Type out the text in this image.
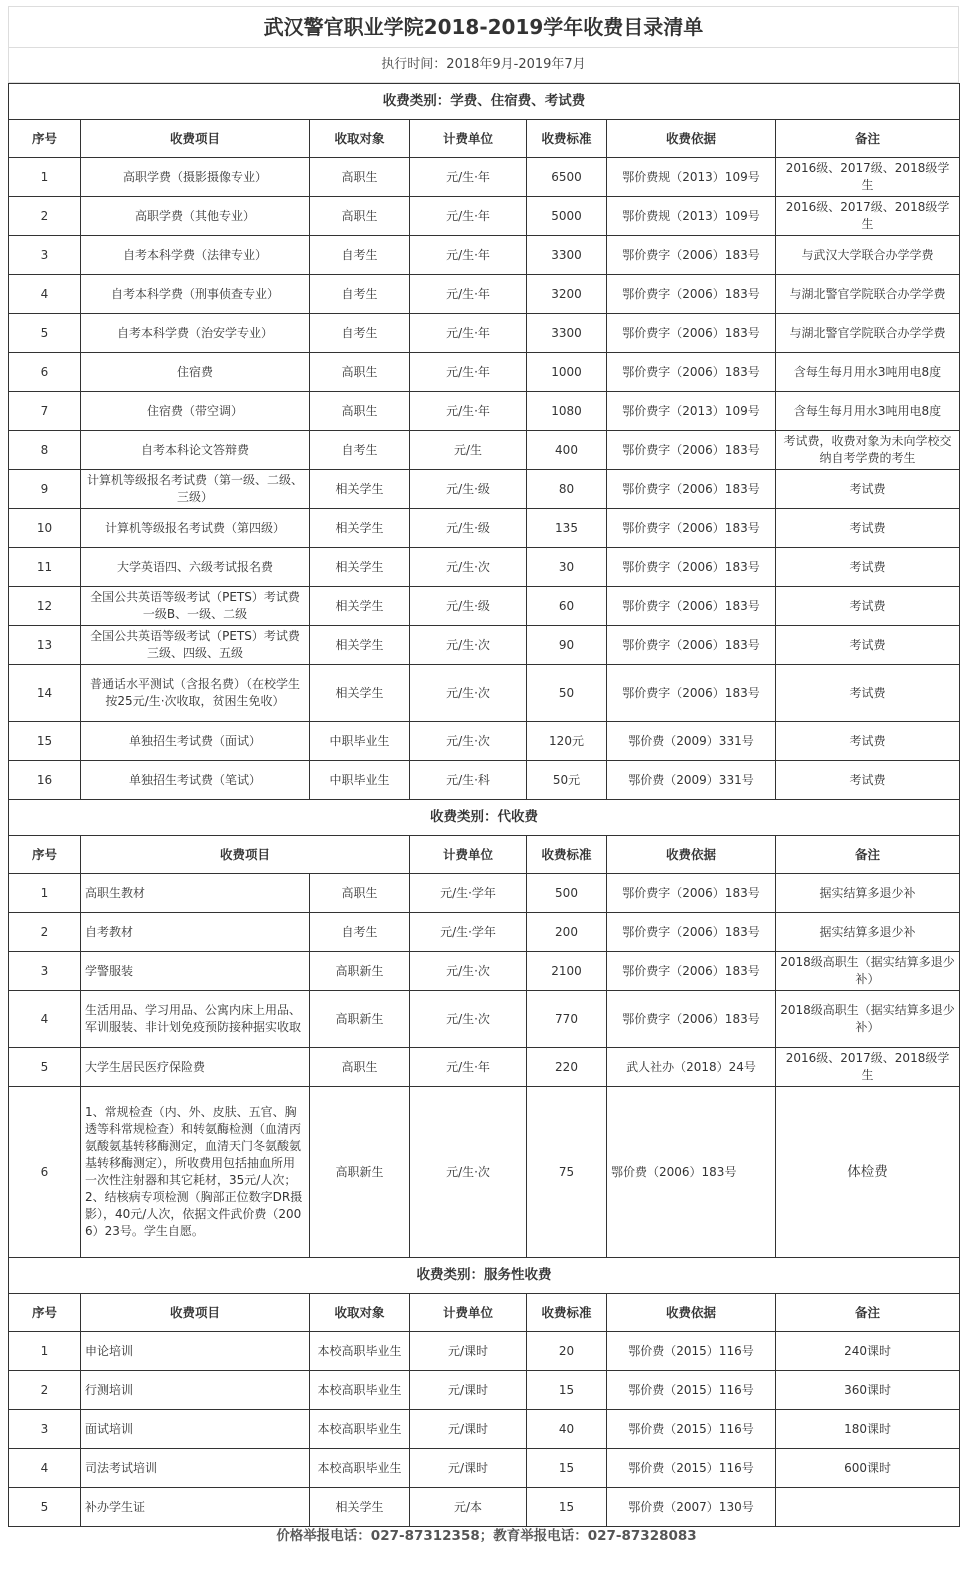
武汉警官职业学院2018-2019学年收费目录清单
执行时间：2018年9月-2019年7月
收费类别：学费、住宿费、考试费						
序号	收费项目	收取对象	计费单位	收费标准	收费依据	备注
1	高职学费（摄影摄像专业）	高职生	元/生·年	6500	鄂价费规（2013）109号	2016级、2017级、2018级学生
2	高职学费（其他专业）	高职生	元/生·年	5000	鄂价费规（2013）109号	2016级、2017级、2018级学生
3	自考本科学费（法律专业）	自考生	元/生·年	3300	鄂价费字（2006）183号	与武汉大学联合办学学费
4	自考本科学费（刑事侦查专业）	自考生	元/生·年	3200	鄂价费字（2006）183号	与湖北警官学院联合办学学费
5	自考本科学费（治安学专业）	自考生	元/生·年	3300	鄂价费字（2006）183号	与湖北警官学院联合办学学费
6	住宿费	高职生	元/生·年	1000	鄂价费字（2006）183号	含每生每月用水3吨用电8度
7	住宿费（带空调）	高职生	元/生·年	1080	鄂价费字（2013）109号	含每生每月用水3吨用电8度
8	自考本科论文答辩费	自考生	元/生	400	鄂价费字（2006）183号	考试费，收费对象为未向学校交纳自考学费的考生
9	计算机等级报名考试费（第一级、二级、三级）	相关学生	元/生·级	80	鄂价费字（2006）183号	考试费
10	计算机等级报名考试费（第四级）	相关学生	元/生·级	135	鄂价费字（2006）183号	考试费
11	大学英语四、六级考试报名费	相关学生	元/生·次	30	鄂价费字（2006）183号	考试费
12	全国公共英语等级考试（PETS）考试费一级B、一级、二级	相关学生	元/生·级	60	鄂价费字（2006）183号	考试费
13	全国公共英语等级考试（PETS）考试费三级、四级、五级	相关学生	元/生·次	90	鄂价费字（2006）183号	考试费
14	普通话水平测试（含报名费）（在校学生按25元/生·次收取，贫困生免收）	相关学生	元/生·次	50	鄂价费字（2006）183号	考试费
15	单独招生考试费（面试）	中职毕业生	元/生·次	120元	鄂价费（2009）331号	考试费
16	单独招生考试费（笔试）	中职毕业生	元/生·科	50元	鄂价费（2009）331号	考试费
收费类别：代收费						
序号	收费项目		计费单位	收费标准	收费依据	备注
1	高职生教材	高职生	元/生·学年	500	鄂价费字（2006）183号	据实结算多退少补
2	自考教材	自考生	元/生·学年	200	鄂价费字（2006）183号	据实结算多退少补
3	学警服装	高职新生	元/生·次	2100	鄂价费字（2006）183号	2018级高职生（据实结算多退少补）
4	生活用品、学习用品、公寓内床上用品、军训服装、非计划免疫预防接种据实收取	高职新生	元/生·次	770	鄂价费字（2006）183号	2018级高职生（据实结算多退少补）
5	大学生居民医疗保险费	高职生	元/生·年	220	武人社办（2018）24号	2016级、2017级、2018级学生
6	1、常规检查（内、外、皮肤、五官、胸透等科常规检查）和转氨酶检测（血清丙氨酸氨基转移酶测定，血清天门冬氨酸氨基转移酶测定），所收费用包括抽血所用一次性注射器和其它耗材，35元/人次；2、结核病专项检测（胸部正位数字DR摄影），40元/人次，依据文件武价费（2006）23号。学生自愿。	高职新生	元/生·次	75	鄂价费（2006）183号	体检费
收费类别：服务性收费						
序号	收费项目	收取对象	计费单位	收费标准	收费依据	备注
1	申论培训	本校高职毕业生	元/课时	20	鄂价费（2015）116号	240课时
2	行测培训	本校高职毕业生	元/课时	15	鄂价费（2015）116号	360课时
3	面试培训	本校高职毕业生	元/课时	40	鄂价费（2015）116号	180课时
4	司法考试培训	本校高职毕业生	元/课时	15	鄂价费（2015）116号	600课时
5	补办学生证	相关学生	元/本	15	鄂价费（2007）130号	
价格举报电话：027-87312358；教育举报电话：027-87328083
